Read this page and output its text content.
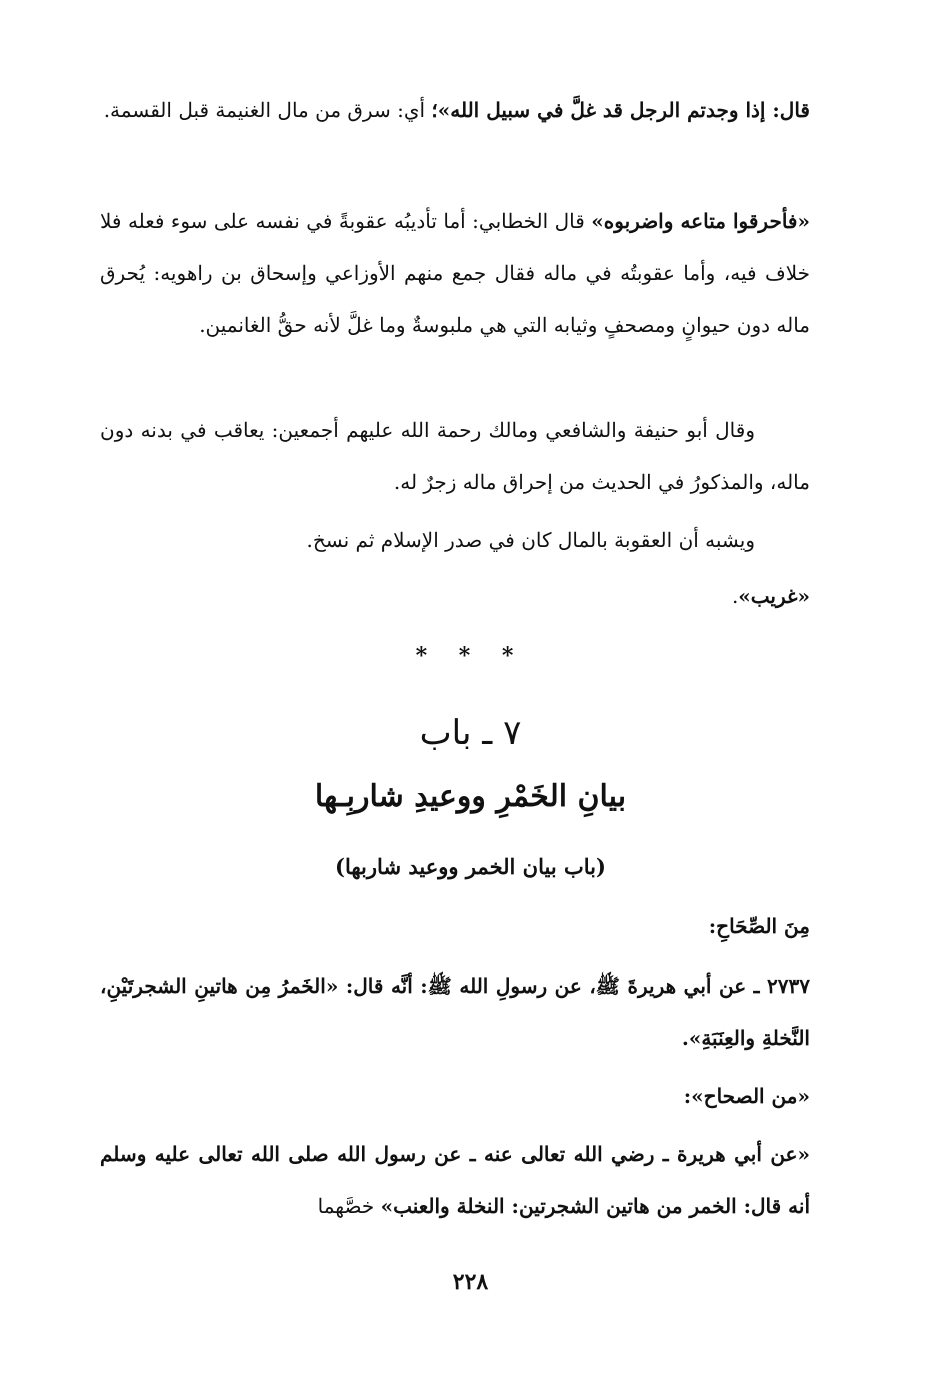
قال: إذا وجدتم الرجل قد غلَّ في سبيل الله»؛ أي: سرق من مال الغنيمة قبل القسمة.
«فأحرقوا متاعه واضربوه» قال الخطابي: أما تأديبُه عقوبةً في نفسه على سوء فعله فلا خلاف فيه، وأما عقوبتُه في ماله فقال جمع منهم الأوزاعي وإسحاق بن راهويه: يُحرق ماله دون حيوانٍ ومصحفٍ وثيابه التي هي ملبوسةٌ وما غلَّ لأنه حقُّ الغانمين.
وقال أبو حنيفة والشافعي ومالك رحمة الله عليهم أجمعين: يعاقب في بدنه دون ماله، والمذكورُ في الحديث من إحراق ماله زجرٌ له.
ويشبه أن العقوبة بالمال كان في صدر الإسلام ثم نسخ.
«غريب».
* * *
٧ ـ باب
بيانِ الخَمْرِ ووعيدِ شاربِـها
(باب بيان الخمر ووعيد شاربها)
مِنَ الصِّحَاحِ:
٢٧٣٧ ـ عن أبي هريرةَ ﷺ، عن رسولِ الله ﷺ: أنَّه قال: «الخَمرُ مِن هاتينِ الشجرتَيْنِ، النَّخلةِ والعِنَبَةِ».
«من الصحاح»:
«عن أبي هريرة ـ رضي الله تعالى عنه ـ عن رسول الله صلى الله تعالى عليه وسلم أنه قال: الخمر من هاتين الشجرتين: النخلة والعنب» خصَّهما
٢٢٨
